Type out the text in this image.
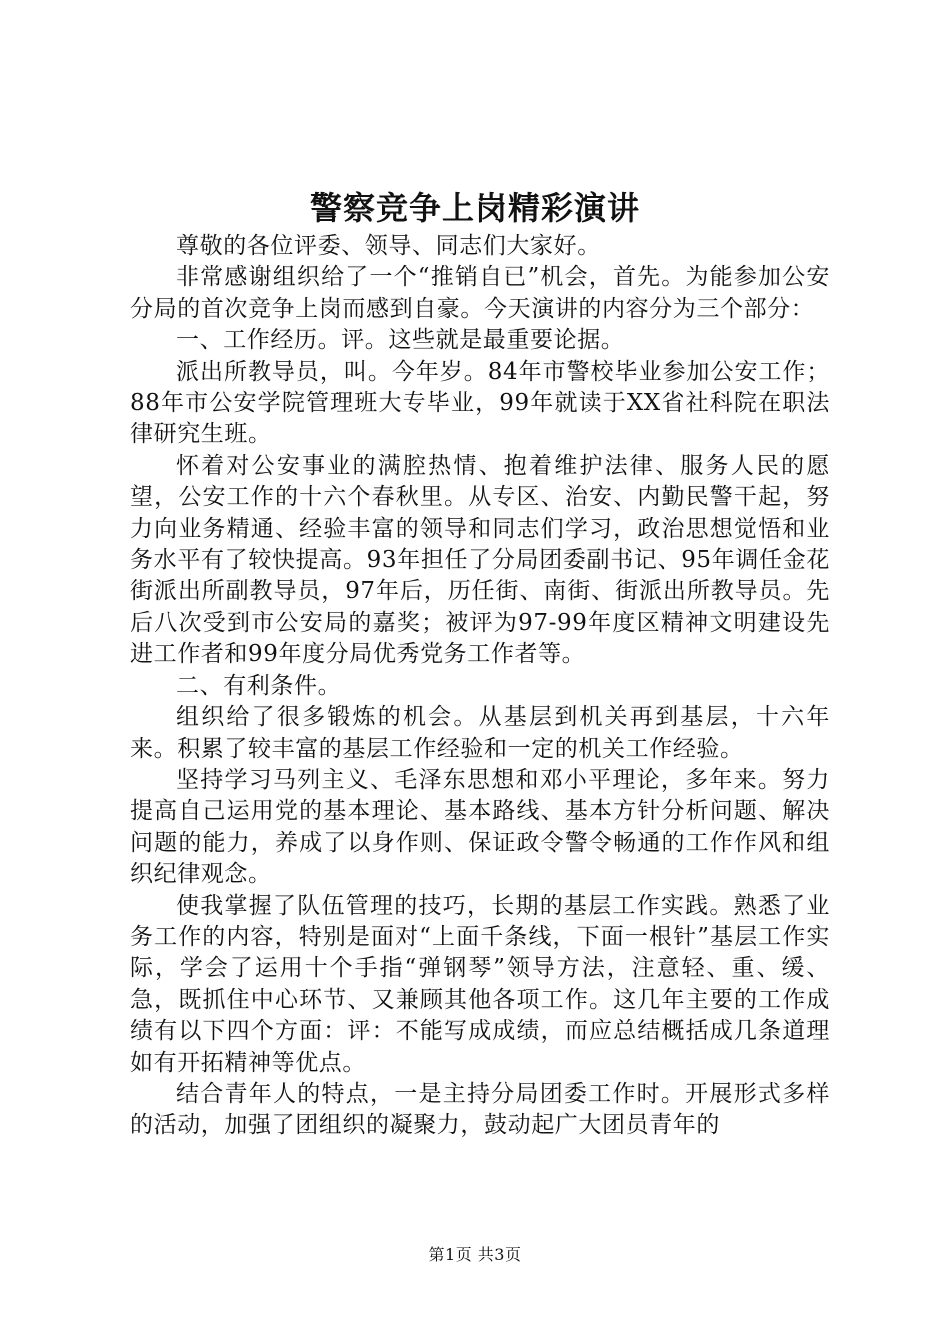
警察竞争上岗精彩演讲

尊敬的各位评委、领导、同志们大家好。

非常感谢组织给了一个“推销自已”机会，首先。为能参加公安分局的首次竞争上岗而感到自豪。今天演讲的内容分为三个部分：

一、工作经历。评。这些就是最重要论据。

派出所教导员，叫。今年岁。84年市警校毕业参加公安工作；88年市公安学院管理班大专毕业，99年就读于XX省社科院在职法律研究生班。

怀着对公安事业的满腔热情、抱着维护法律、服务人民的愿望，公安工作的十六个春秋里。从专区、治安、内勤民警干起，努力向业务精通、经验丰富的领导和同志们学习，政治思想觉悟和业务水平有了较快提高。93年担任了分局团委副书记、95年调任金花街派出所副教导员，97年后，历任街、南街、街派出所教导员。先后八次受到市公安局的嘉奖；被评为97-99年度区精神文明建设先进工作者和99年度分局优秀党务工作者等。

二、有利条件。

组织给了很多锻炼的机会。从基层到机关再到基层，十六年来。积累了较丰富的基层工作经验和一定的机关工作经验。

坚持学习马列主义、毛泽东思想和邓小平理论，多年来。努力提高自己运用党的基本理论、基本路线、基本方针分析问题、解决问题的能力，养成了以身作则、保证政令警令畅通的工作作风和组织纪律观念。

使我掌握了队伍管理的技巧，长期的基层工作实践。熟悉了业务工作的内容，特别是面对“上面千条线，下面一根针”基层工作实际，学会了运用十个手指“弹钢琴”领导方法，注意轻、重、缓、急，既抓住中心环节、又兼顾其他各项工作。这几年主要的工作成绩有以下四个方面：评：不能写成成绩，而应总结概括成几条道理如有开拓精神等优点。

结合青年人的特点，一是主持分局团委工作时。开展形式多样的活动，加强了团组织的凝聚力，鼓动起广大团员青年的

第1页 共3页
